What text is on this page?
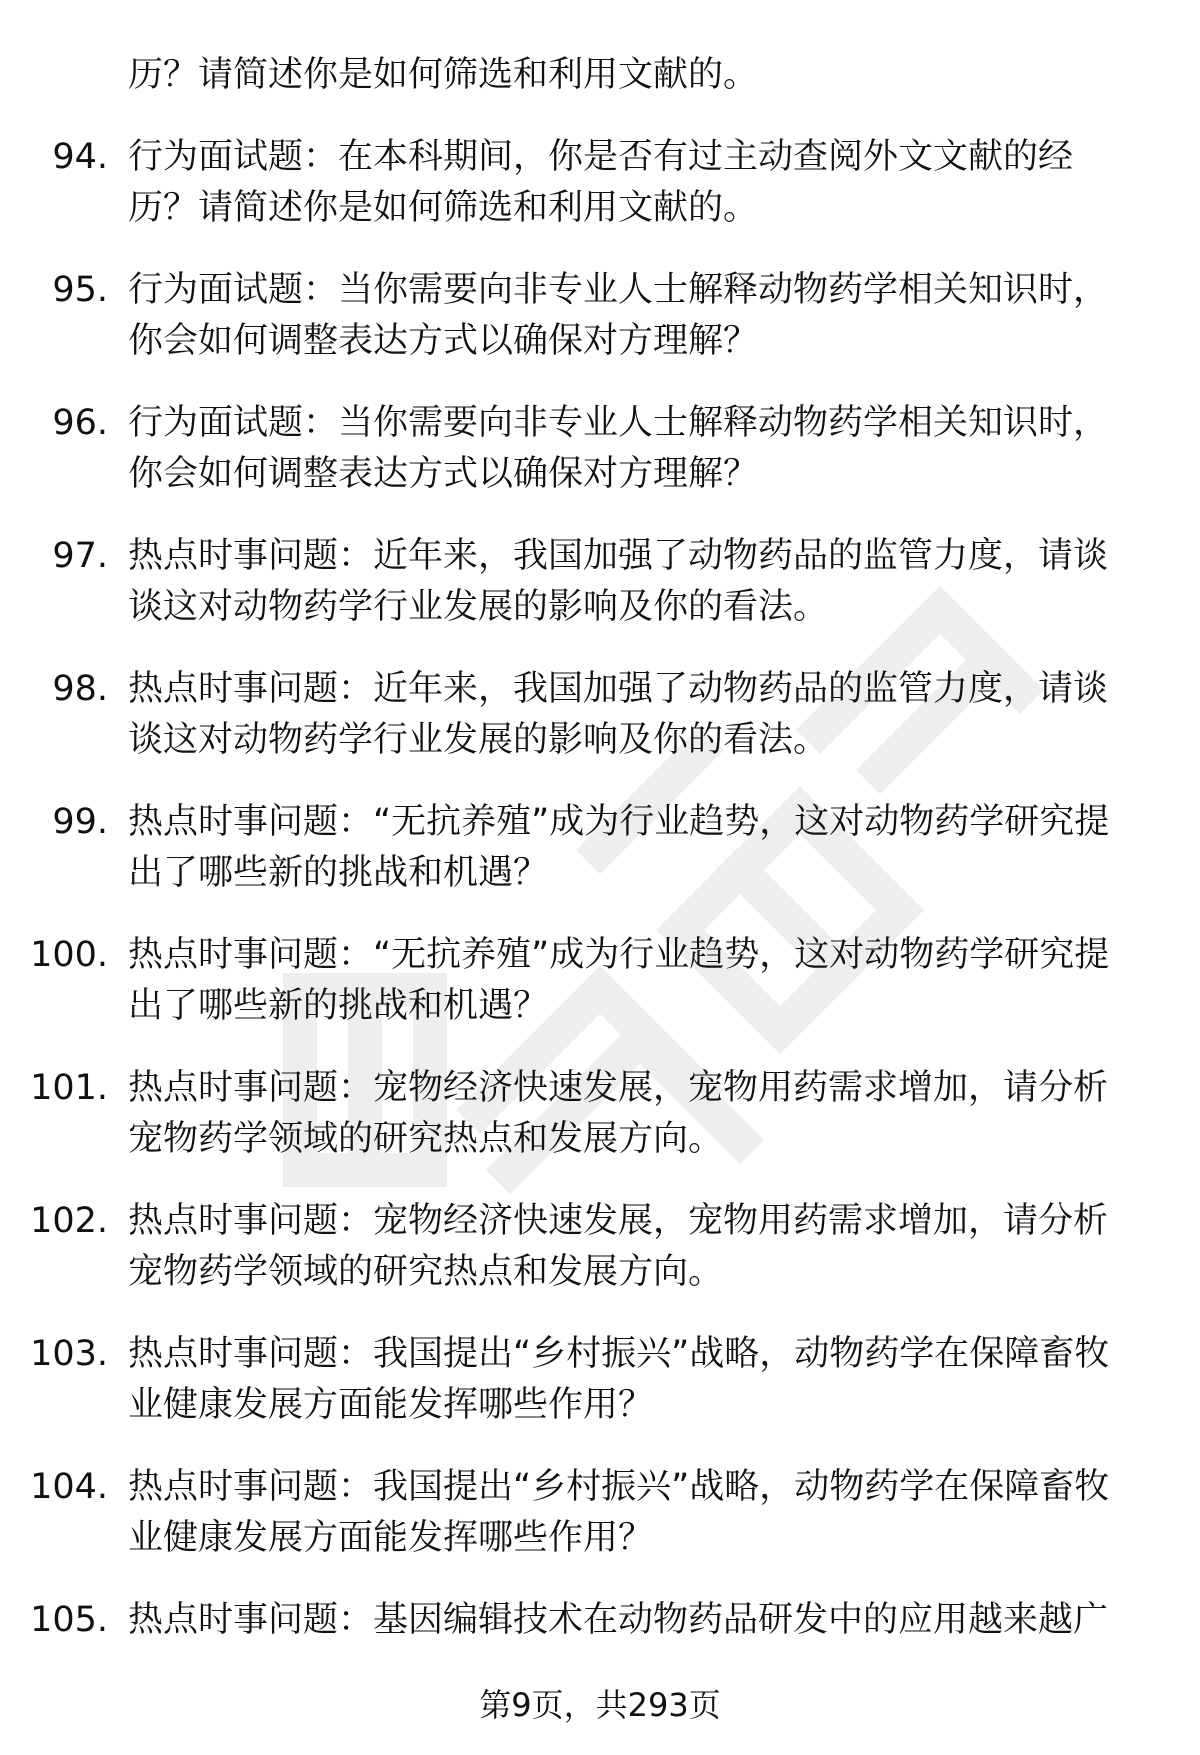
历？请简述你是如何筛选和利用文献的。
94. 行为面试题：在本科期间，你是否有过主动查阅外文文献的经历？请简述你是如何筛选和利用文献的。
95. 行为面试题：当你需要向非专业人士解释动物药学相关知识时，你会如何调整表达方式以确保对方理解？
96. 行为面试题：当你需要向非专业人士解释动物药学相关知识时，你会如何调整表达方式以确保对方理解？
97. 热点时事问题：近年来，我国加强了动物药品的监管力度，请谈谈这对动物药学行业发展的影响及你的看法。
98. 热点时事问题：近年来，我国加强了动物药品的监管力度，请谈谈这对动物药学行业发展的影响及你的看法。
99. 热点时事问题：“无抗养殖”成为行业趋势，这对动物药学研究提出了哪些新的挑战和机遇？
100. 热点时事问题：“无抗养殖”成为行业趋势，这对动物药学研究提出了哪些新的挑战和机遇？
101. 热点时事问题：宠物经济快速发展，宠物用药需求增加，请分析宠物药学领域的研究热点和发展方向。
102. 热点时事问题：宠物经济快速发展，宠物用药需求增加，请分析宠物药学领域的研究热点和发展方向。
103. 热点时事问题：我国提出“乡村振兴”战略，动物药学在保障畜牧业健康发展方面能发挥哪些作用？
104. 热点时事问题：我国提出“乡村振兴”战略，动物药学在保障畜牧业健康发展方面能发挥哪些作用？
105. 热点时事问题：基因编辑技术在动物药品研发中的应用越来越广
第9页，共293页
